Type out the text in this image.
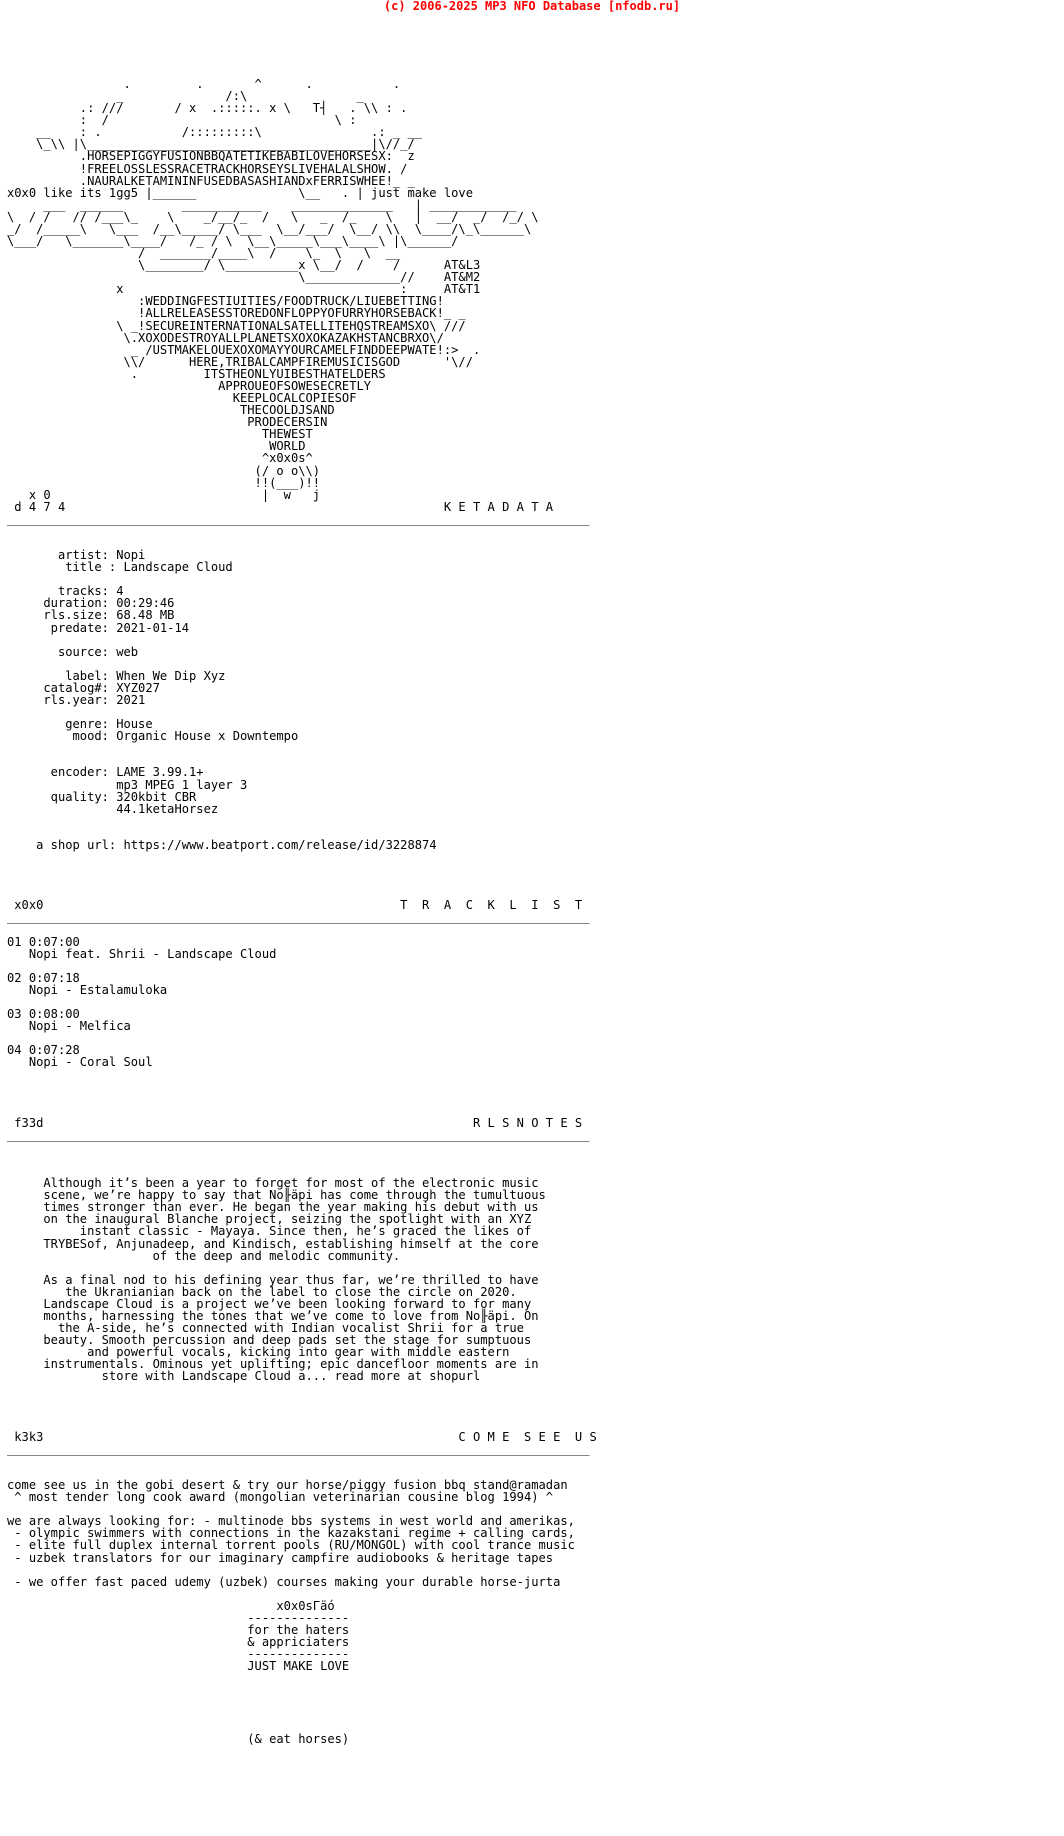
(c) 2006-2025 MP3 NFO Database [nfodb.ru]
.         .       ^      .           .
_              /:\               _
.: ///       / x  .:::::. x \   T┤   . \\ : .
:  /                               \ :
__    : .           /:::::::::\               .: _ __
\_\\ |\_______________________________________|\//_/
.HORSEPIGGYFUSIONBBQATETIKEBABILOVEHORSESX:  z
!FREELOSSLESSRACETRACKHORSEYSLIVEHALALSHOW. /
.NAURALKETAMININFUSEDBASASHIANDxFERRISWHEE!_ _
x0x0 like its 1gg5 |______              \__   . | just make love
___  ______        ___________    ______________   | ____________
\  / /   // /___\_    \    _/__/_  /   \   _  /_    \   |  __/  _/  /_/ \
_/  /_____\   \___  /__\_____/ \___  \__/___/  \__/ \\  \____/\_\______\
\___/   \_______\____/   /_ / \  \__\_____\___\____\ |\______/
/  _______/____\  /    \_  \   \  __
\________/ \__________x \__/  /    /      AT&L3
\_____________//    AT&M2
x                                      :     AT&T1
:WEDDINGFESTIUITIES/FOODTRUCK/LIUEBETTING!
!ALLRELEASESSTOREDONFLOPPYOFURRYHORSEBACK!_ _
\ _!SECUREINTERNATIONALSATELLITEHQSTREAMSXO\ ///
\.XOXODESTROYALLPLANETSXOXOKAZAKHSTANCBRXO\/
_ /USTMAKELOUEXOXOMAYYOURCAMELFINDDEEPWATE!:>  .
\\/      HERE,TRIBALCAMPFIREMUSICISGOD      '\//
.         ITSTHEONLYUIBESTHATELDERS
APPROUEOFSOWESECRETLY
KEEPLOCALCOPIESOF
THECOOLDJSAND
PRODECERSIN
THEWEST
WORLD
^x0x0s^
(/ o o\\)
!!(___)!!
x 0                             |  w   j
d 4 7 4                                                    K E T A D A T A
________________________________________________________________________________

artist: Nopi
title : Landscape Cloud

tracks: 4
duration: 00:29:46
rls.size: 68.48 MB
predate: 2021-01-14

source: web

label: When We Dip Xyz
catalog#: XYZ027
rls.year: 2021

genre: House
mood: Organic House x Downtempo

encoder: LAME 3.99.1+
mp3 MPEG 1 layer 3
quality: 320kbit CBR
44.1ketaHorsez

a shop url: https://www.beatport.com/release/id/3228874

x0x0                                                 T  R  A  C  K  L  I  S  T
________________________________________________________________________________

01 0:07:00
Nopi feat. Shrii - Landscape Cloud

02 0:07:18
Nopi - Estalamuloka

03 0:08:00
Nopi - Melfica

04 0:07:28
Nopi - Coral Soul

f33d                                                           R L S N O T E S
________________________________________________________________________________

Although it’s been a year to forget for most of the electronic music
scene, we’re happy to say that No╟äpi has come through the tumultuous
times stronger than ever. He began the year making his debut with us
on the inaugural Blanche project, seizing the spotlight with an XYZ
instant classic - Mayaya. Since then, he’s graced the likes of
TRYBESof, Anjunadeep, and Kindisch, establishing himself at the core
of the deep and melodic community.

As a final nod to his defining year thus far, we’re thrilled to have
the Ukranianian back on the label to close the circle on 2020.
Landscape Cloud is a project we’ve been looking forward to for many
months, harnessing the tones that we’ve come to love from No╟äpi. On
the A-side, he’s connected with Indian vocalist Shrii for a true
beauty. Smooth percussion and deep pads set the stage for sumptuous
and powerful vocals, kicking into gear with middle eastern
instrumentals. Ominous yet uplifting; epic dancefloor moments are in
store with Landscape Cloud a... read more at shopurl

k3k3                                                         C O M E  S E E  U S
________________________________________________________________________________

come see us in the gobi desert & try our horse/piggy fusion bbq stand@ramadan
^ most tender long cook award (mongolian veterinarian cousine blog 1994) ^

we are always looking for: - multinode bbs systems in west world and amerikas,
- olympic swimmers with connections in the kazakstani regime + calling cards,
- elite full duplex internal torrent pools (RU/MONGOL) with cool trance music
- uzbek translators for our imaginary campfire audiobooks & heritage tapes

- we offer fast paced udemy (uzbek) courses making your durable horse-jurta

x0x0sΓäó
--------------
for the haters
& appriciaters
--------------
JUST MAKE LOVE

(& eat horses)
